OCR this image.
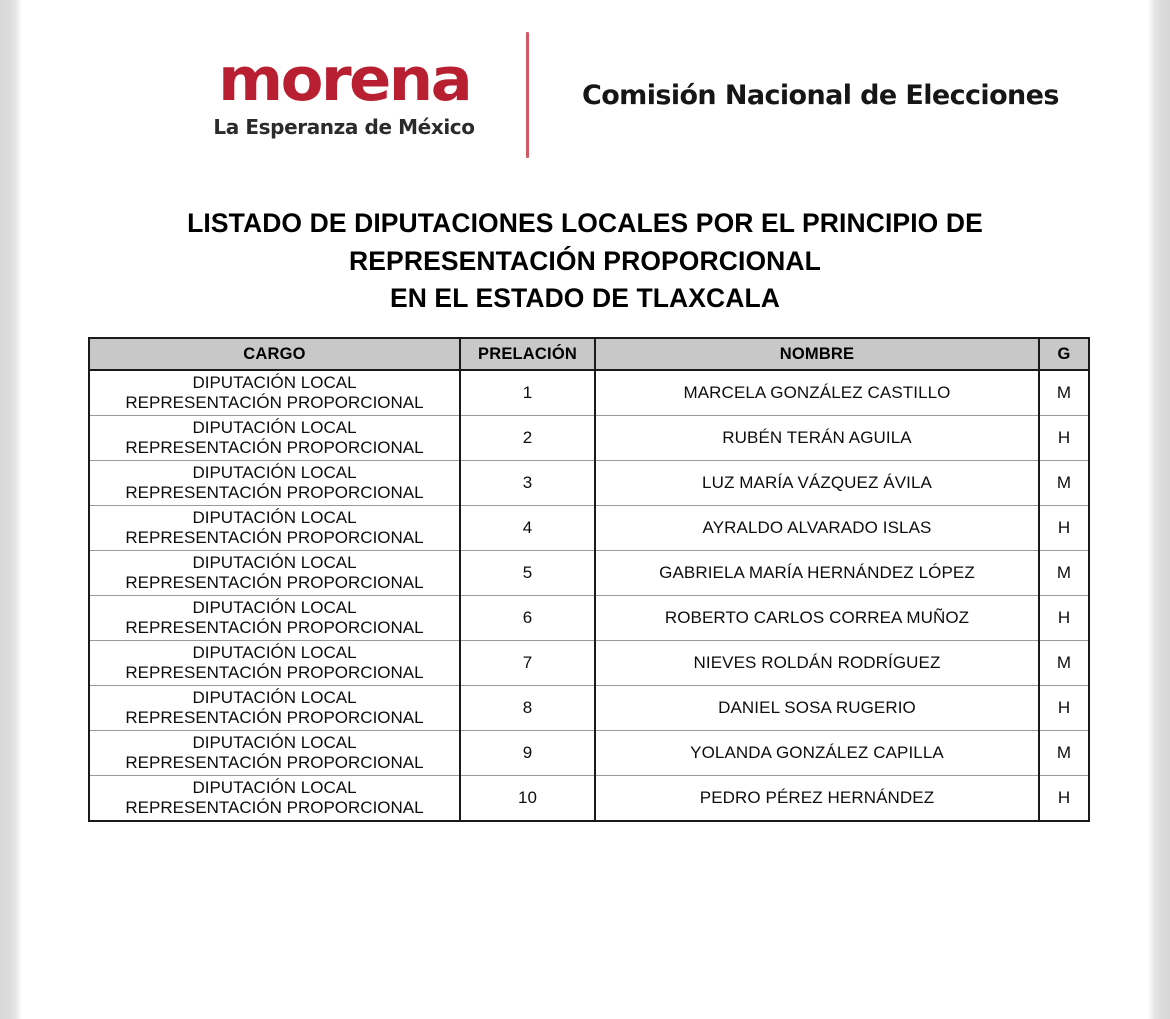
morena
La Esperanza de México
Comisión Nacional de Elecciones
LISTADO DE DIPUTACIONES LOCALES POR EL PRINCIPIO DE
REPRESENTACIÓN PROPORCIONAL
EN EL ESTADO DE TLAXCALA
CARGO	PRELACIÓN	NOMBRE	G

DIPUTACIÓN LOCAL
REPRESENTACIÓN PROPORCIONAL	1	MARCELA GONZÁLEZ CASTILLO	M

DIPUTACIÓN LOCAL
REPRESENTACIÓN PROPORCIONAL	2	RUBÉN TERÁN AGUILA	H

DIPUTACIÓN LOCAL
REPRESENTACIÓN PROPORCIONAL	3	LUZ MARÍA VÁZQUEZ ÁVILA	M

DIPUTACIÓN LOCAL
REPRESENTACIÓN PROPORCIONAL	4	AYRALDO ALVARADO ISLAS	H

DIPUTACIÓN LOCAL
REPRESENTACIÓN PROPORCIONAL	5	GABRIELA MARÍA HERNÁNDEZ LÓPEZ	M

DIPUTACIÓN LOCAL
REPRESENTACIÓN PROPORCIONAL	6	ROBERTO CARLOS CORREA MUÑOZ	H

DIPUTACIÓN LOCAL
REPRESENTACIÓN PROPORCIONAL	7	NIEVES ROLDÁN RODRÍGUEZ	M

DIPUTACIÓN LOCAL
REPRESENTACIÓN PROPORCIONAL	8	DANIEL SOSA RUGERIO	H

DIPUTACIÓN LOCAL
REPRESENTACIÓN PROPORCIONAL	9	YOLANDA GONZÁLEZ CAPILLA	M

DIPUTACIÓN LOCAL
REPRESENTACIÓN PROPORCIONAL	10	PEDRO PÉREZ HERNÁNDEZ	H
